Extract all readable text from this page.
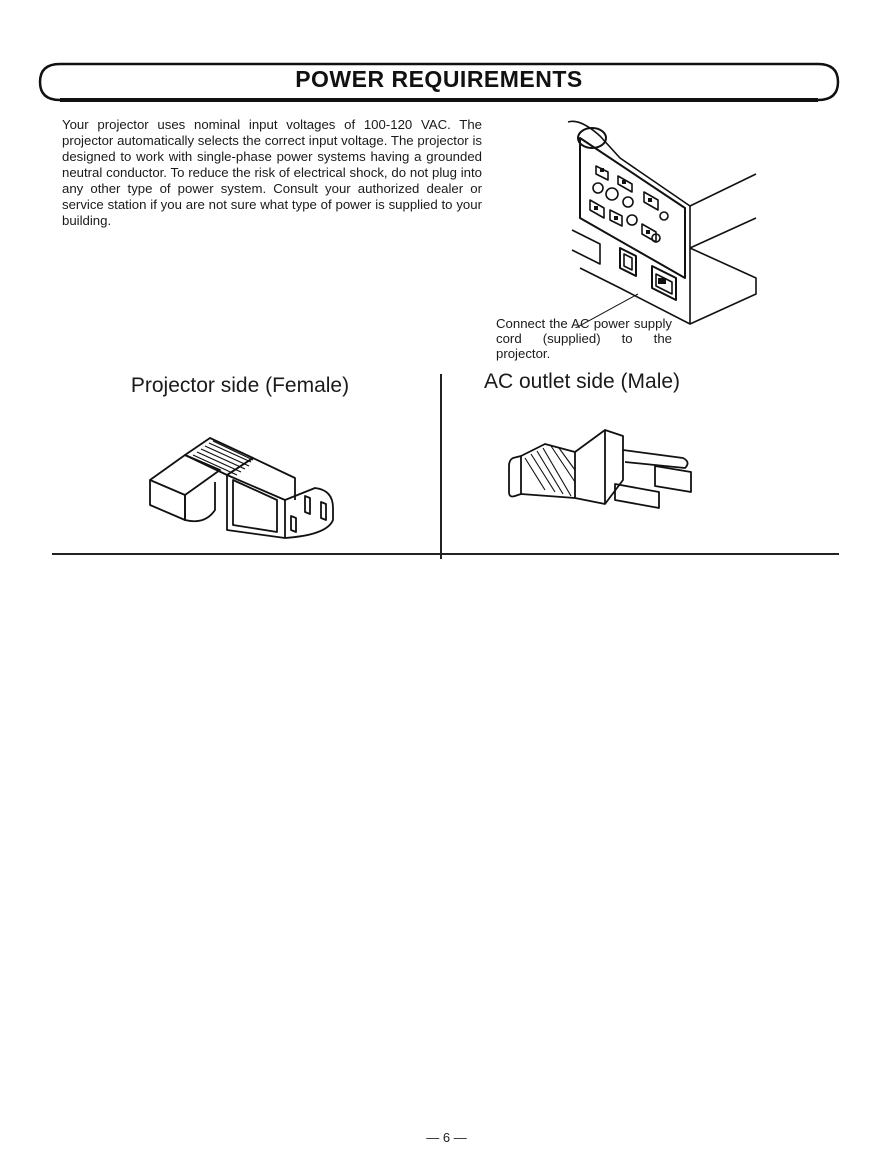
POWER REQUIREMENTS
Your projector uses nominal input voltages of 100-120 VAC. The projector automatically selects the correct input voltage. The projector is designed to work with single-phase power systems having a grounded neutral conductor. To reduce the risk of electrical shock, do not plug into any other type of power system. Consult your authorized dealer or service station if you are not sure what type of power is supplied to your building.
Connect the AC power supply cord (supplied) to the projector.
Projector side (Female)	AC outlet side (Male)
— 6 —
